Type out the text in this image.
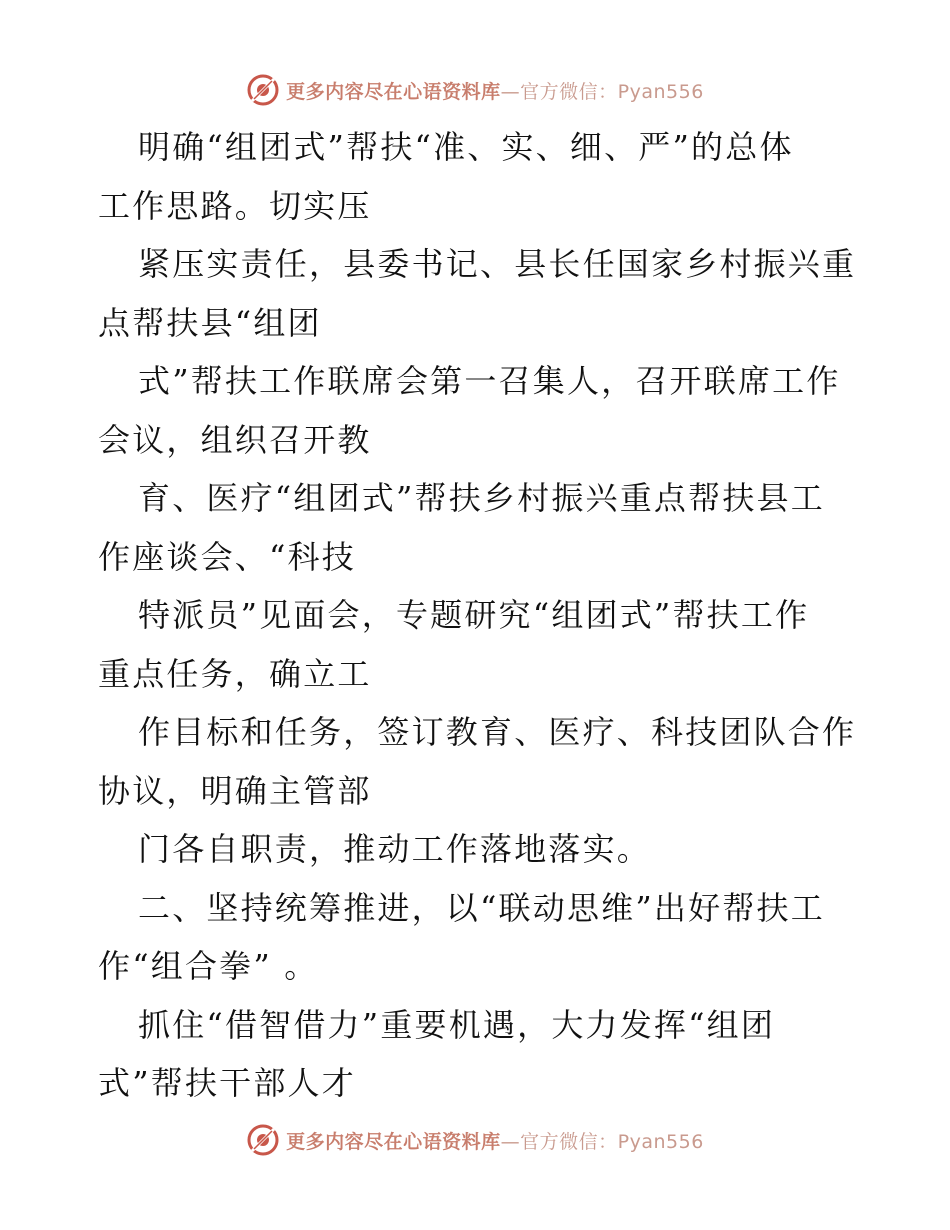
更多内容尽在心语资料库—官方微信：Pyan556
明确“组团式”帮扶“准、实、细、严”的总体
工作思路。切实压
紧压实责任，县委书记、县长任国家乡村振兴重
点帮扶县“组团
式”帮扶工作联席会第一召集人，召开联席工作
会议，组织召开教
育、医疗“组团式”帮扶乡村振兴重点帮扶县工
作座谈会、“科技
特派员”见面会，专题研究“组团式”帮扶工作
重点任务，确立工
作目标和任务，签订教育、医疗、科技团队合作
协议，明确主管部
门各自职责，推动工作落地落实。
二、坚持统筹推进，以“联动思维”出好帮扶工
作“组合拳” 。
抓住“借智借力”重要机遇，大力发挥“组团
式”帮扶干部人才
更多内容尽在心语资料库—官方微信：Pyan556
